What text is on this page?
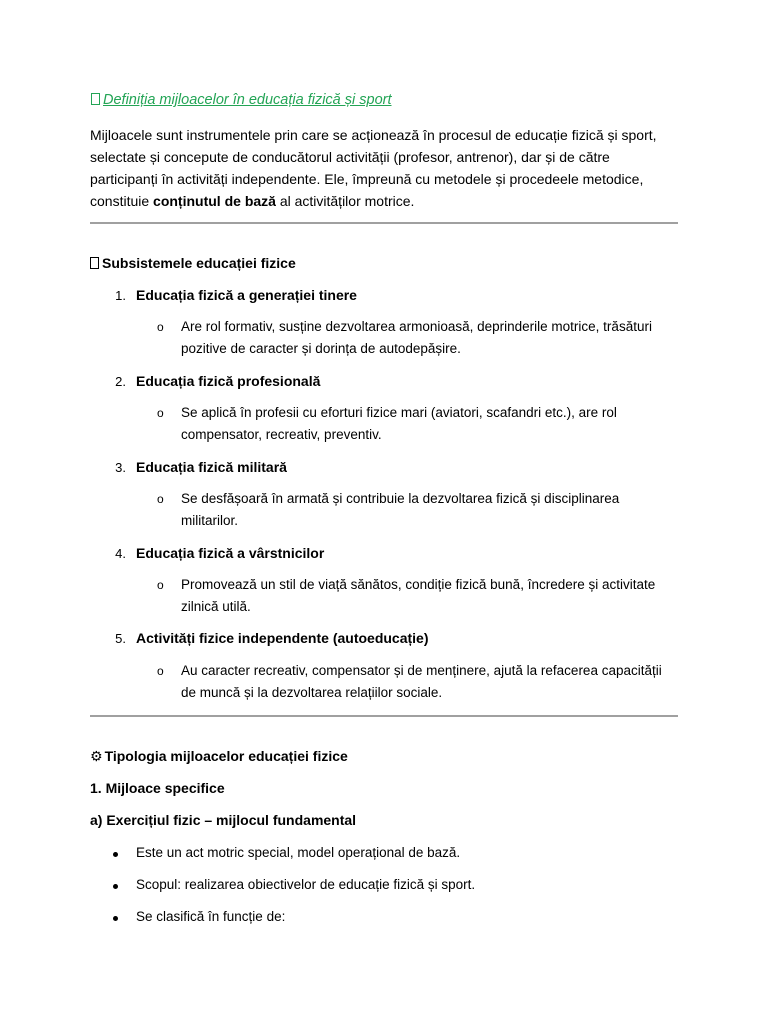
Definiția mijloacelor în educația fizică și sport
Mijloacele sunt instrumentele prin care se acționează în procesul de educație fizică și sport,
selectate și concepute de conducătorul activității (profesor, antrenor), dar și de către
participanți în activități independente. Ele, împreună cu metodele și procedeele metodice,
constituie conținutul de bază al activităților motrice.
Subsistemele educației fizice
1. Educația fizică a generației tinere
o Are rol formativ, susține dezvoltarea armonioasă, deprinderile motrice, trăsături
pozitive de caracter și dorința de autodepășire.
2. Educația fizică profesională
o Se aplică în profesii cu eforturi fizice mari (aviatori, scafandri etc.), are rol
compensator, recreativ, preventiv.
3. Educația fizică militară
o Se desfășoară în armată și contribuie la dezvoltarea fizică și disciplinarea
militarilor.
4. Educația fizică a vârstnicilor
o Promovează un stil de viață sănătos, condiție fizică bună, încredere și activitate
zilnică utilă.
5. Activități fizice independente (autoeducație)
o Au caracter recreativ, compensator și de menținere, ajută la refacerea capacității
de muncă și la dezvoltarea relațiilor sociale.
⚙ Tipologia mijloacelor educației fizice
1. Mijloace specifice
a) Exercițiul fizic – mijlocul fundamental
Este un act motric special, model operațional de bază.
Scopul: realizarea obiectivelor de educație fizică și sport.
Se clasifică în funcție de:
